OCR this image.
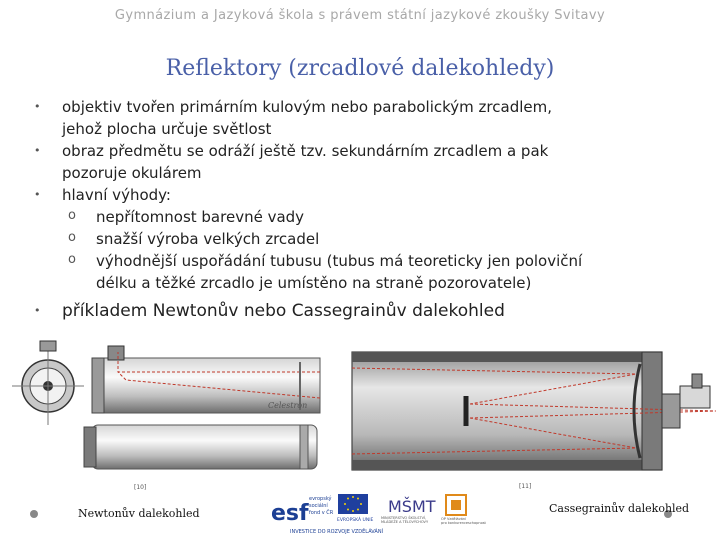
Gymnázium a Jazyková škola s právem státní jazykové zkoušky Svitavy
Reflektory (zrcadlové dalekohledy)

• objektiv tvořen primárním kulovým nebo parabolickým zrcadlem,

jehož plocha určuje světlost

• obraz předmětu se odráží ještě tzv. sekundárním zrcadlem a pak

pozoruje okulárem

• hlavní výhody:

o nepřítomnost barevné vady

o snažší výroba velkých zrcadel

o výhodnější uspořádání tubusu (tubus má teoreticky jen poloviční

délku a těžké zrcadlo je umístěno na straně pozorovatele)

• příkladem Newtonův nebo Cassegrainův dalekohled

Celestron
esf
evropský
sociální
fond v ČR
EVROPSKÁ UNIE
MŠMT
MINISTERSTVO ŠKOLSTVÍ,
MLÁDEŽE A TĚLOVÝCHOVY
OP Vzdělávání
pro konkurenceschopnost
INVESTICE DO ROZVOJE VZDĚLÁVÁNÍ
[10]	[11]
Newtonův dalekohled	Cassegrainův dalekohled
